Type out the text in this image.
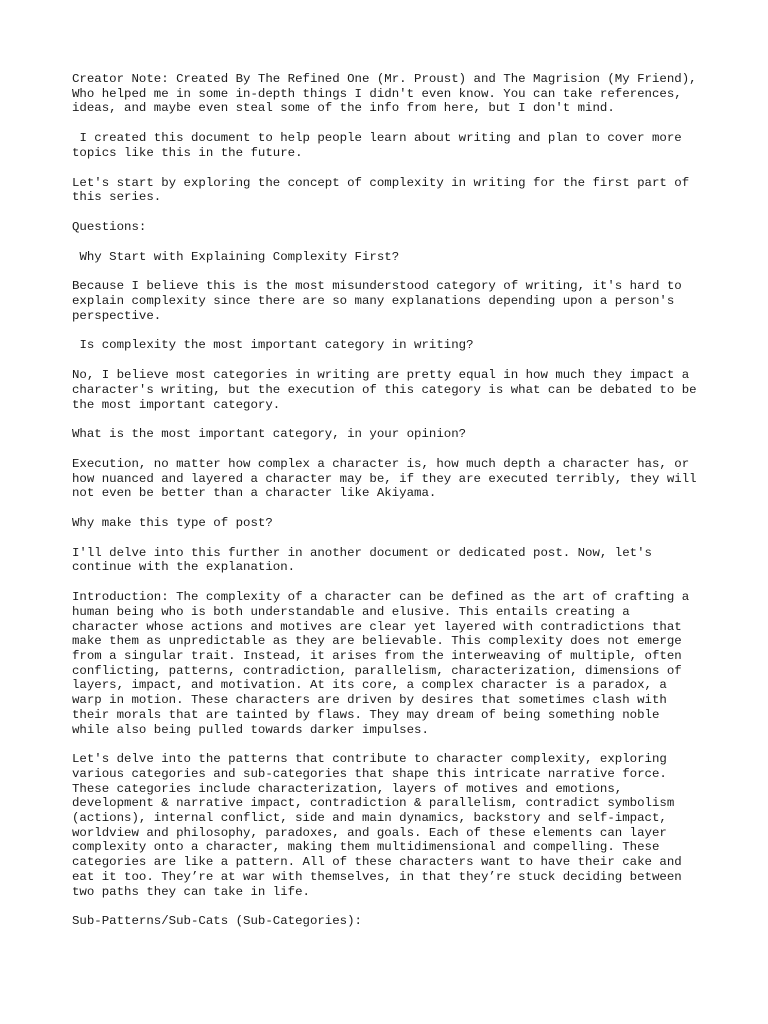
Creator Note: Created By The Refined One (Mr. Proust) and The Magrision (My Friend), Who helped me in some in-depth things I didn't even know. You can take references, ideas, and maybe even steal some of the info from here, but I don't mind.

I created this document to help people learn about writing and plan to cover more topics like this in the future.

Let's start by exploring the concept of complexity in writing for the first part of this series.

Questions:

Why Start with Explaining Complexity First?

Because I believe this is the most misunderstood category of writing, it's hard to explain complexity since there are so many explanations depending upon a person's perspective.

Is complexity the most important category in writing?

No, I believe most categories in writing are pretty equal in how much they impact a character's writing, but the execution of this category is what can be debated to be the most important category.

What is the most important category, in your opinion?

Execution, no matter how complex a character is, how much depth a character has, or how nuanced and layered a character may be, if they are executed terribly, they will not even be better than a character like Akiyama.

Why make this type of post?

I'll delve into this further in another document or dedicated post. Now, let's continue with the explanation.

Introduction: The complexity of a character can be defined as the art of crafting a human being who is both understandable and elusive. This entails creating a character whose actions and motives are clear yet layered with contradictions that make them as unpredictable as they are believable. This complexity does not emerge from a singular trait. Instead, it arises from the interweaving of multiple, often conflicting, patterns, contradiction, parallelism, characterization, dimensions of layers, impact, and motivation. At its core, a complex character is a paradox, a warp in motion. These characters are driven by desires that sometimes clash with their morals that are tainted by flaws. They may dream of being something noble while also being pulled towards darker impulses.

Let's delve into the patterns that contribute to character complexity, exploring various categories and sub-categories that shape this intricate narrative force. These categories include characterization, layers of motives and emotions, development & narrative impact, contradiction & parallelism, contradict symbolism (actions), internal conflict, side and main dynamics, backstory and self-impact, worldview and philosophy, paradoxes, and goals. Each of these elements can layer complexity onto a character, making them multidimensional and compelling. These categories are like a pattern. All of these characters want to have their cake and eat it too. They’re at war with themselves, in that they’re stuck deciding between two paths they can take in life.

Sub-Patterns/Sub-Cats (Sub-Categories):
